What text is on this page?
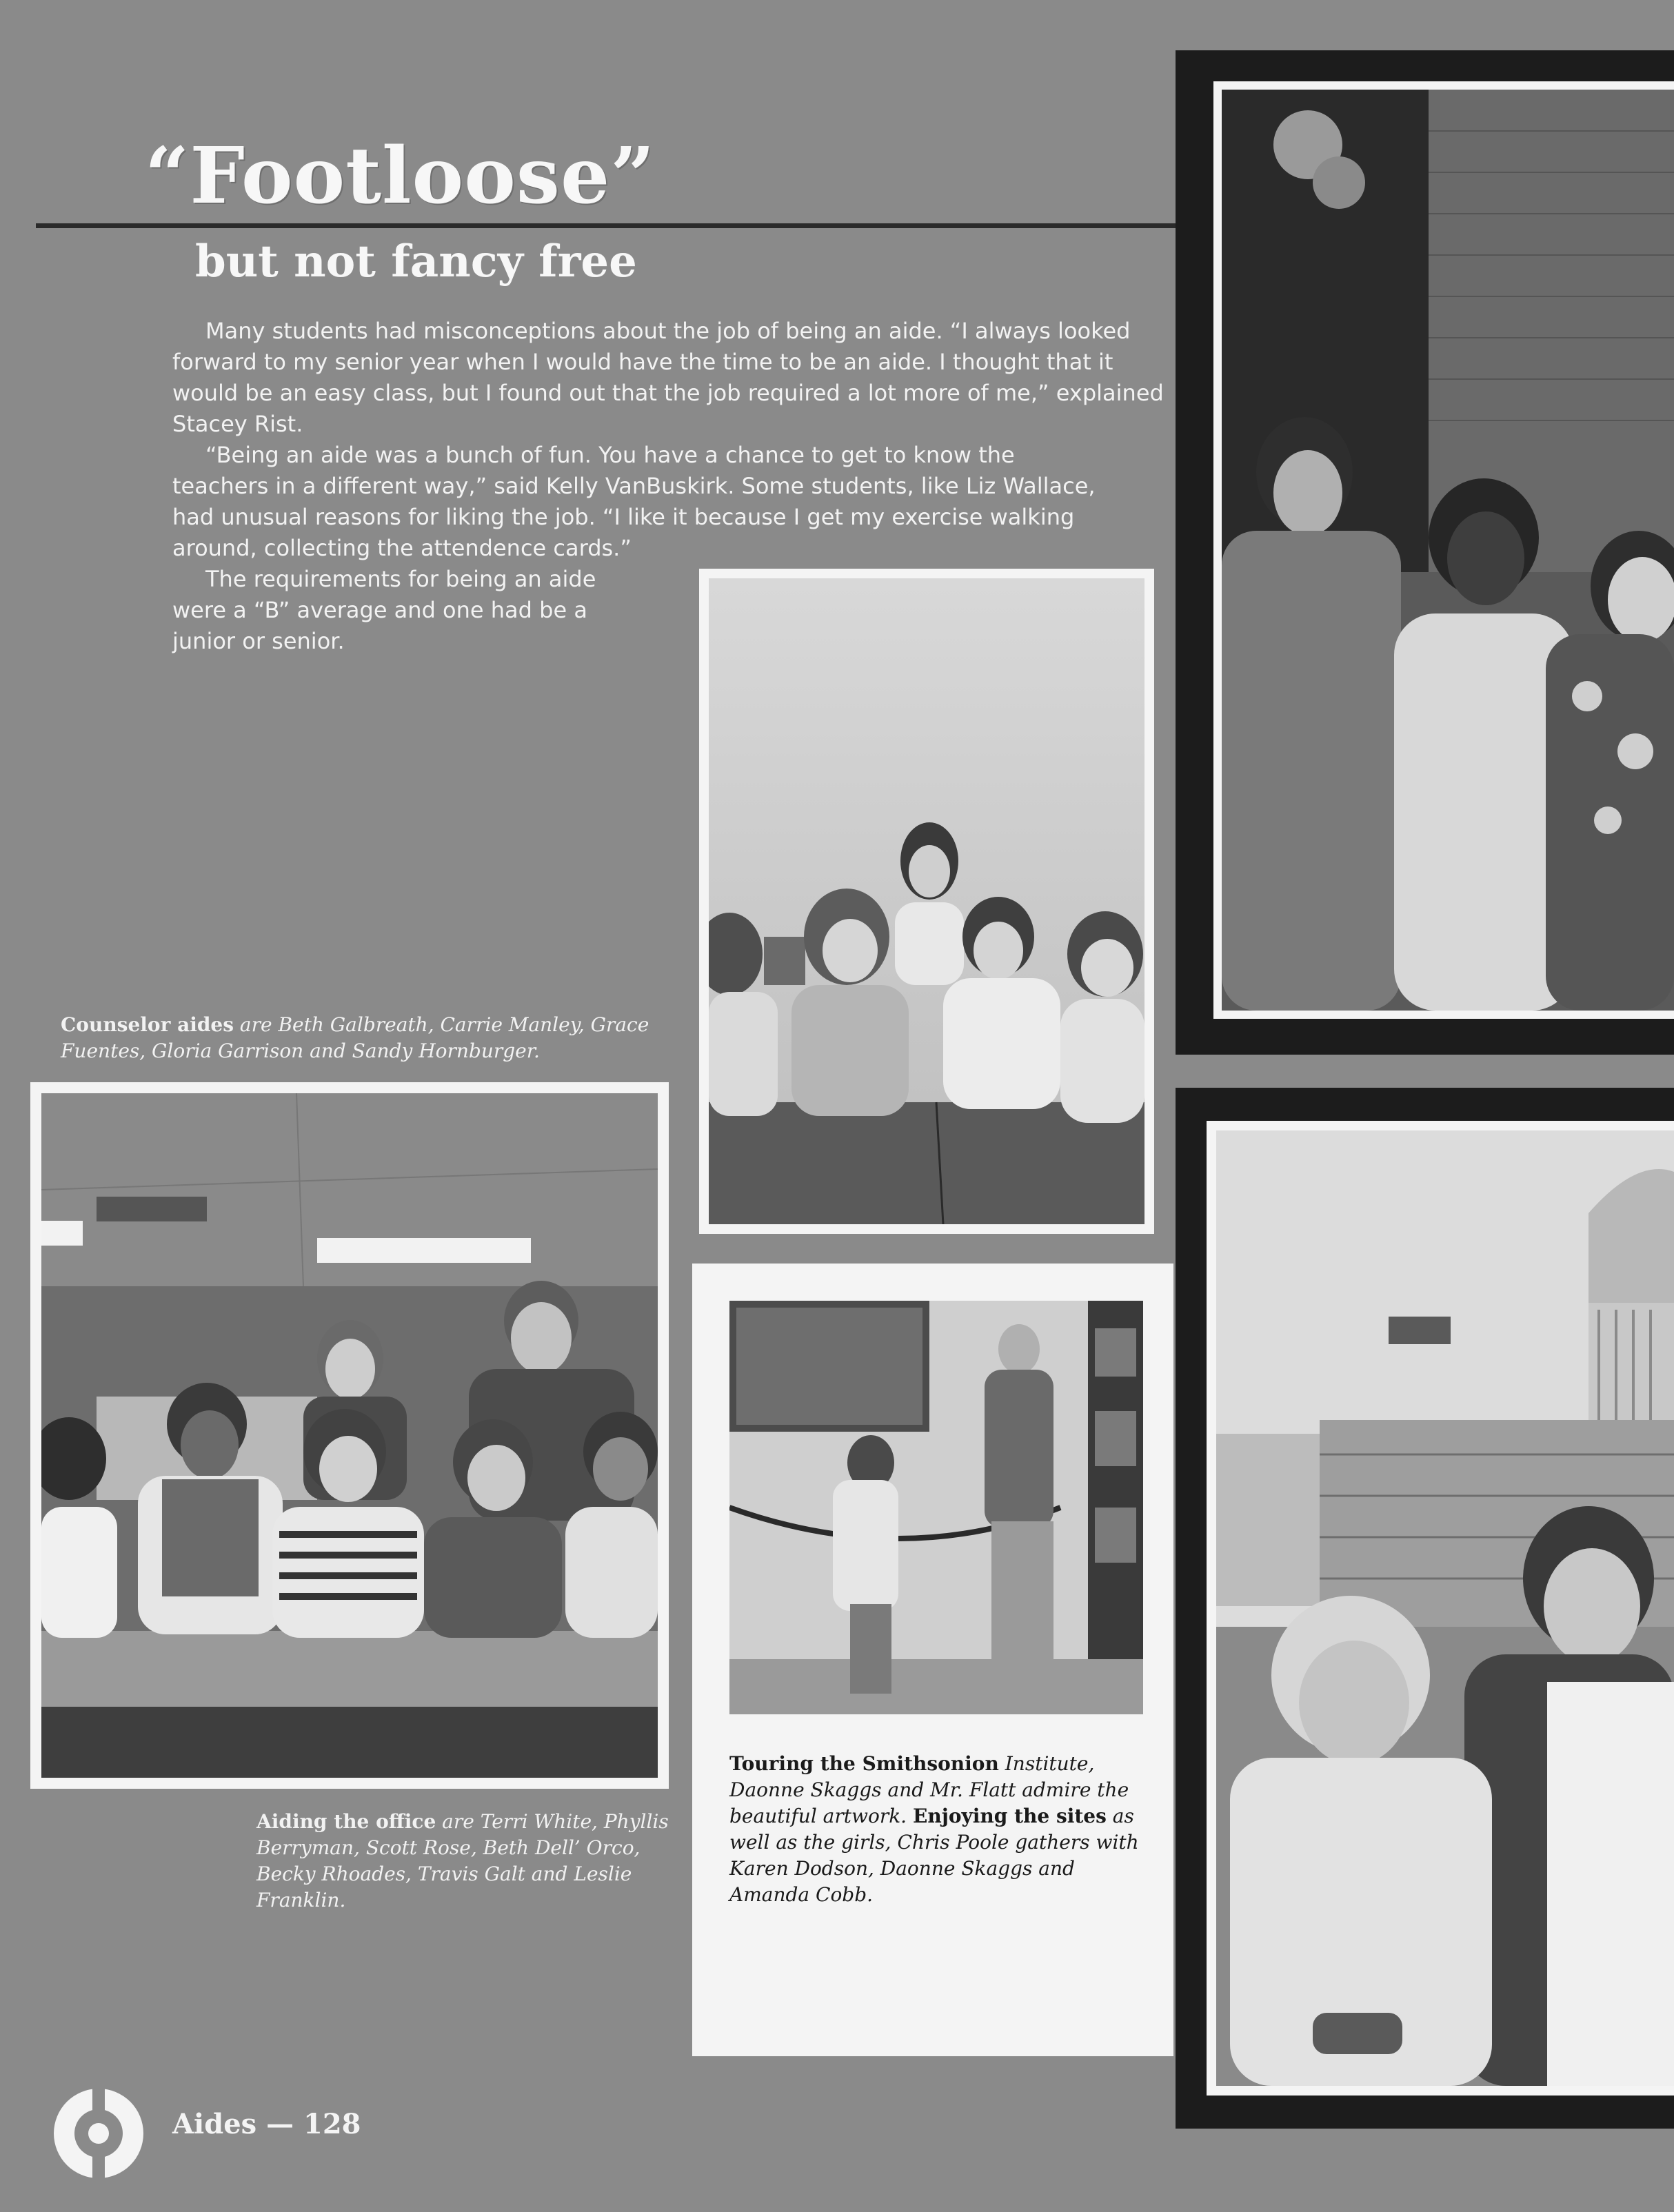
“Footloose”
but not fancy free

Many students had misconceptions about the job of being an aide. “I always looked forward to my senior year when I would have the time to be an aide. I thought that it would be an easy class, but I found out that the job required a lot more of me,” explained Stacey Rist.

“Being an aide was a bunch of fun. You have a chance to get to know the teachers in a different way,” said Kelly VanBuskirk. Some students, like Liz Wallace, had unusual reasons for liking the job. “I like it because I get my exercise walking around, collecting the attendence cards.”

The requirements for being an aide were a “B” average and one had be a junior or senior.

Counselor aides are Beth Galbreath, Carrie Manley, Grace Fuentes, Gloria Garrison and Sandy Hornburger.
Aiding the office are Terri White, Phyllis Berryman, Scott Rose, Beth Dell’ Orco, Becky Rhoades, Travis Galt and Leslie Franklin.
Touring the Smithsonion Institute, Daonne Skaggs and Mr. Flatt admire the beautiful artwork. Enjoying the sites as well as the girls, Chris Poole gathers with Karen Dodson, Daonne Skaggs and Amanda Cobb.
Aides — 128
